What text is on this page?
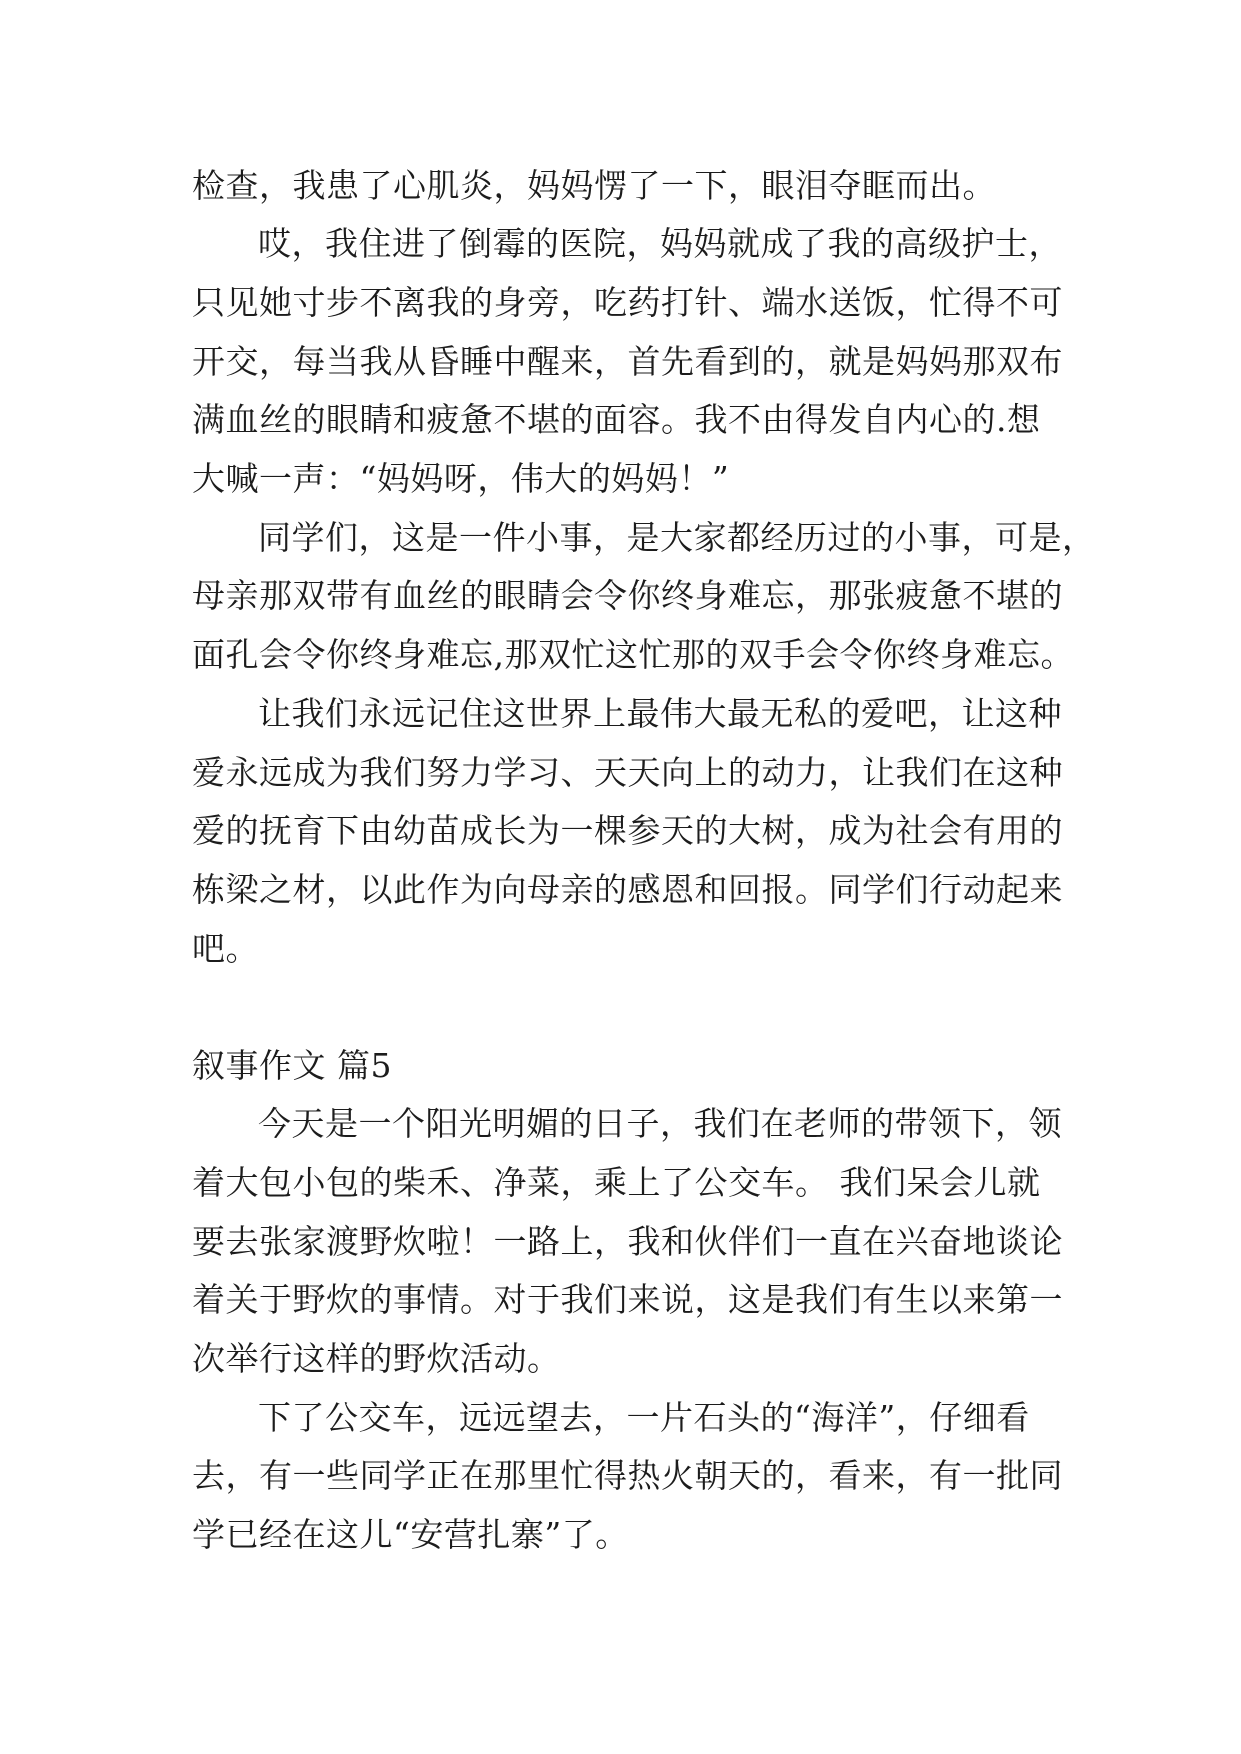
检查，我患了心肌炎，妈妈愣了一下，眼泪夺眶而出。
哎，我住进了倒霉的医院，妈妈就成了我的高级护士，
只见她寸步不离我的身旁，吃药打针、端水送饭，忙得不可
开交，每当我从昏睡中醒来，首先看到的，就是妈妈那双布
满血丝的眼睛和疲惫不堪的面容。我不由得发自内心的.想
大喊一声：“妈妈呀，伟大的妈妈！”
同学们，这是一件小事，是大家都经历过的小事，可是，
母亲那双带有血丝的眼睛会令你终身难忘，那张疲惫不堪的
面孔会令你终身难忘,那双忙这忙那的双手会令你终身难忘。
让我们永远记住这世界上最伟大最无私的爱吧，让这种
爱永远成为我们努力学习、天天向上的动力，让我们在这种
爱的抚育下由幼苗成长为一棵参天的大树，成为社会有用的
栋梁之材，以此作为向母亲的感恩和回报。同学们行动起来
吧。
叙事作文 篇5
今天是一个阳光明媚的日子，我们在老师的带领下，领
着大包小包的柴禾、净菜，乘上了公交车。 我们呆会儿就
要去张家渡野炊啦！一路上，我和伙伴们一直在兴奋地谈论
着关于野炊的事情。对于我们来说，这是我们有生以来第一
次举行这样的野炊活动。
下了公交车，远远望去，一片石头的“海洋”，仔细看
去，有一些同学正在那里忙得热火朝天的，看来，有一批同
学已经在这儿“安营扎寨”了。
